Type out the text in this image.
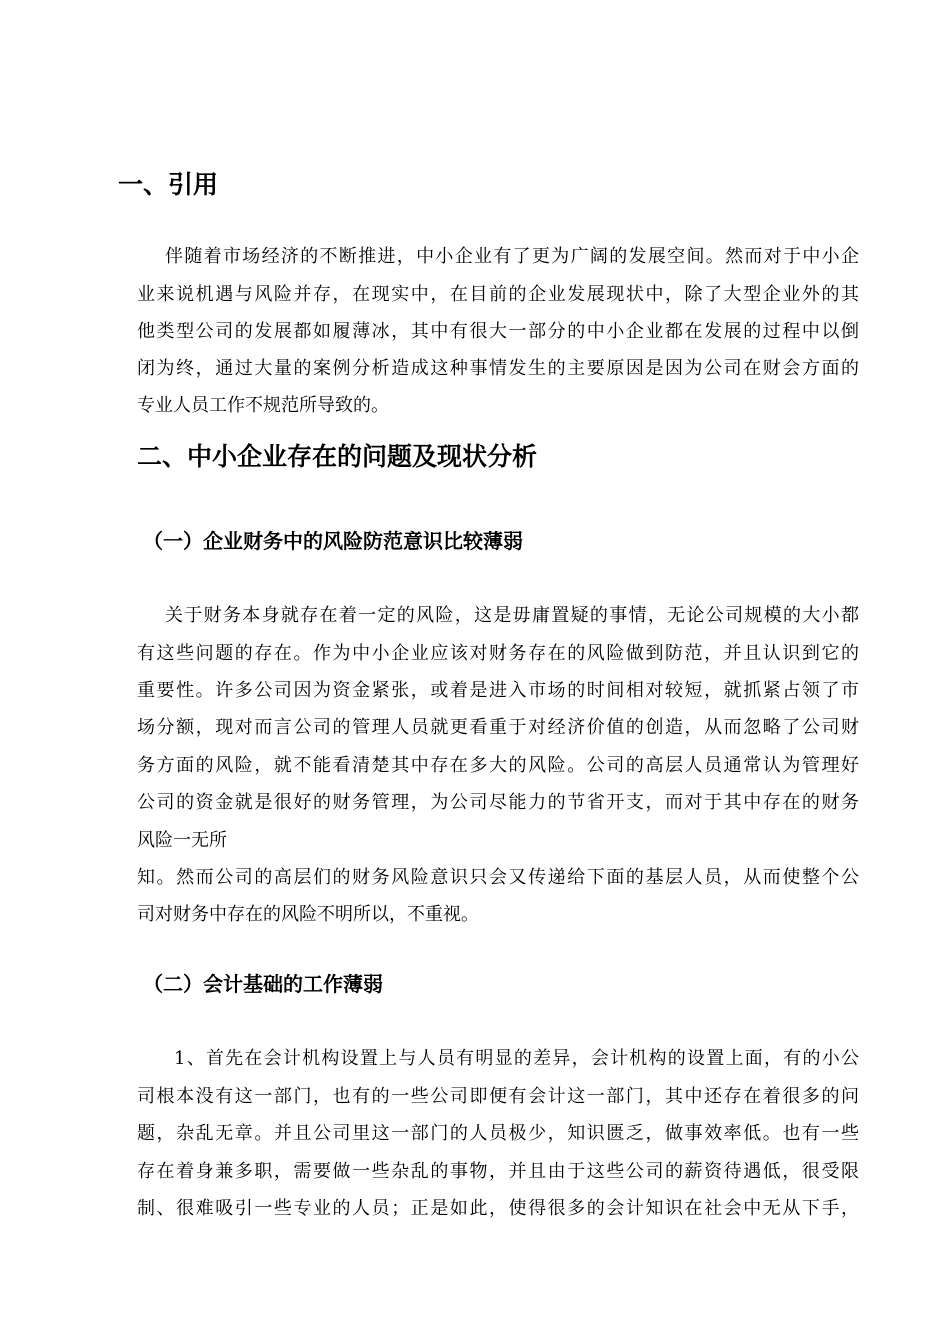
一、引用
伴随着市场经济的不断推进，中小企业有了更为广阔的发展空间。然而对于中小企
业来说机遇与风险并存，在现实中，在目前的企业发展现状中，除了大型企业外的其
他类型公司的发展都如履薄冰，其中有很大一部分的中小企业都在发展的过程中以倒
闭为终，通过大量的案例分析造成这种事情发生的主要原因是因为公司在财会方面的
专业人员工作不规范所导致的。
二、中小企业存在的问题及现状分析
（一）企业财务中的风险防范意识比较薄弱
关于财务本身就存在着一定的风险，这是毋庸置疑的事情，无论公司规模的大小都
有这些问题的存在。作为中小企业应该对财务存在的风险做到防范，并且认识到它的
重要性。许多公司因为资金紧张，或着是进入市场的时间相对较短，就抓紧占领了市
场分额，现对而言公司的管理人员就更看重于对经济价值的创造，从而忽略了公司财
务方面的风险，就不能看清楚其中存在多大的风险。公司的高层人员通常认为管理好
公司的资金就是很好的财务管理，为公司尽能力的节省开支，而对于其中存在的财务
风险一无所
知。然而公司的高层们的财务风险意识只会又传递给下面的基层人员，从而使整个公
司对财务中存在的风险不明所以，不重视。
（二）会计基础的工作薄弱
1、首先在会计机构设置上与人员有明显的差异，会计机构的设置上面，有的小公
司根本没有这一部门，也有的一些公司即便有会计这一部门，其中还存在着很多的问
题，杂乱无章。并且公司里这一部门的人员极少，知识匮乏，做事效率低。也有一些
存在着身兼多职，需要做一些杂乱的事物，并且由于这些公司的薪资待遇低，很受限
制、很难吸引一些专业的人员；正是如此，使得很多的会计知识在社会中无从下手，
